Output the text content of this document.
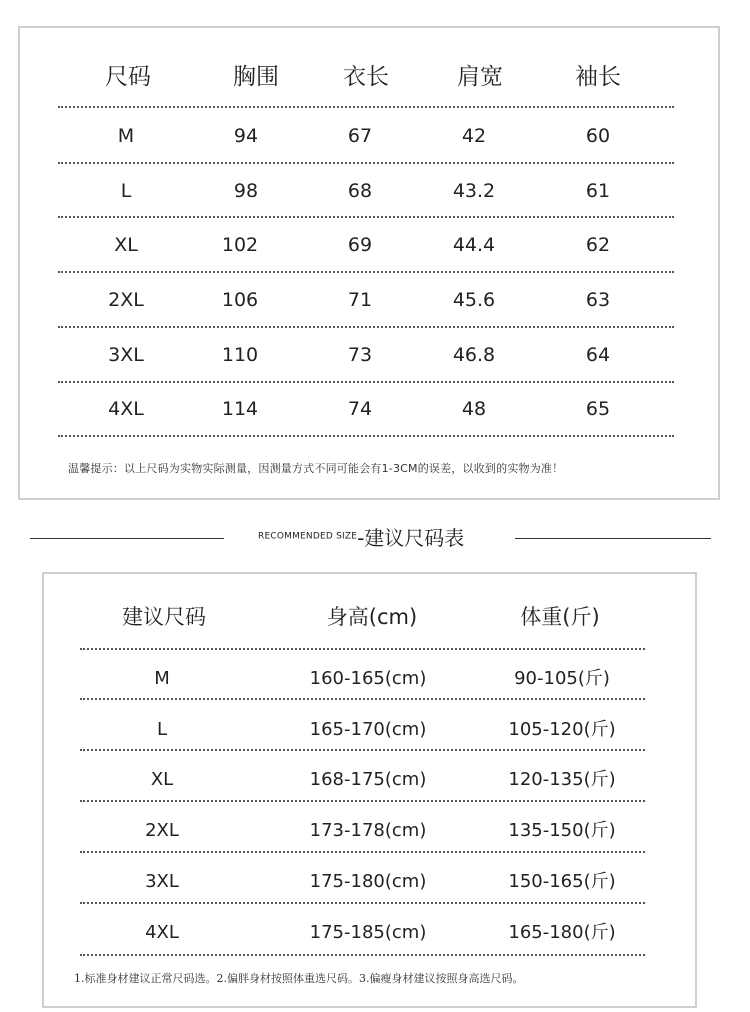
尺码	胸围	衣长	肩宽	袖长
M	94	67	42	60
L	98	68	43.2	61
XL	102	69	44.4	62
2XL	106	71	45.6	63
3XL	110	73	46.8	64
4XL	114	74	48	65
温馨提示：以上尺码为实物实际测量，因测量方式不同可能会有1-3CM的误差，以收到的实物为准！
RECOMMENDED SIZE-建议尺码表
建议尺码	身高(cm)	体重(斤)
M	160-165(cm)	90-105(斤)
L	165-170(cm)	105-120(斤)
XL	168-175(cm)	120-135(斤)
2XL	173-178(cm)	135-150(斤)
3XL	175-180(cm)	150-165(斤)
4XL	175-185(cm)	165-180(斤)
1.标准身材建议正常尺码选。2.偏胖身材按照体重选尺码。3.偏瘦身材建议按照身高选尺码。
